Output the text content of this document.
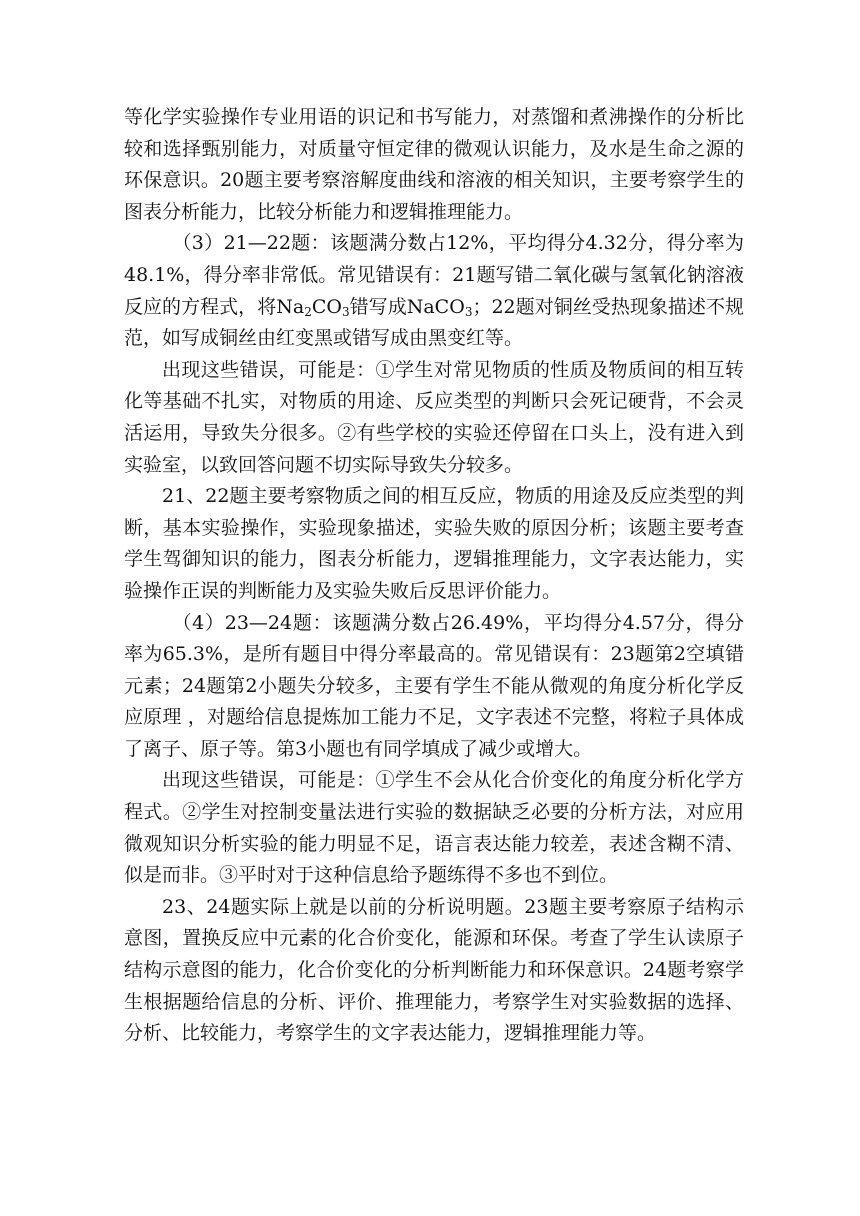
等化学实验操作专业用语的识记和书写能力，对蒸馏和煮沸操作的分析比较和选择甄别能力，对质量守恒定律的微观认识能力，及水是生命之源的环保意识。20题主要考察溶解度曲线和溶液的相关知识，主要考察学生的图表分析能力，比较分析能力和逻辑推理能力。

（3）21—22题：该题满分数占12%，平均得分4.32分，得分率为48.1%，得分率非常低。常见错误有：21题写错二氧化碳与氢氧化钠溶液反应的方程式，将$Na_2CO_3$错写成NaCO$_3$；22题对铜丝受热现象描述不规范，如写成铜丝由红变黑或错写成由黑变红等。

出现这些错误，可能是：①学生对常见物质的性质及物质间的相互转化等基础不扎实，对物质的用途、反应类型的判断只会死记硬背，不会灵活运用，导致失分很多。②有些学校的实验还停留在口头上，没有进入到实验室，以致回答问题不切实际导致失分较多。

21、22题主要考察物质之间的相互反应，物质的用途及反应类型的判断，基本实验操作，实验现象描述，实验失败的原因分析；该题主要考查学生驾御知识的能力，图表分析能力，逻辑推理能力，文字表达能力，实验操作正误的判断能力及实验失败后反思评价能力。

（4）23—24题：该题满分数占26.49%，平均得分4.57分，得分率为65.3%，是所有题目中得分率最高的。常见错误有：23题第2空填错元素；24题第2小题失分较多，主要有学生不能从微观的角度分析化学反应原理 ，对题给信息提炼加工能力不足，文字表述不完整，将粒子具体成了离子、原子等。第3小题也有同学填成了减少或增大。

出现这些错误，可能是：①学生不会从化合价变化的角度分析化学方程式。②学生对控制变量法进行实验的数据缺乏必要的分析方法，对应用微观知识分析实验的能力明显不足，语言表达能力较差，表述含糊不清、似是而非。③平时对于这种信息给予题练得不多也不到位。

23、24题实际上就是以前的分析说明题。23题主要考察原子结构示意图，置换反应中元素的化合价变化，能源和环保。考查了学生认读原子结构示意图的能力，化合价变化的分析判断能力和环保意识。24题考察学生根据题给信息的分析、评价、推理能力，考察学生对实验数据的选择、分析、比较能力，考察学生的文字表达能力，逻辑推理能力等。
